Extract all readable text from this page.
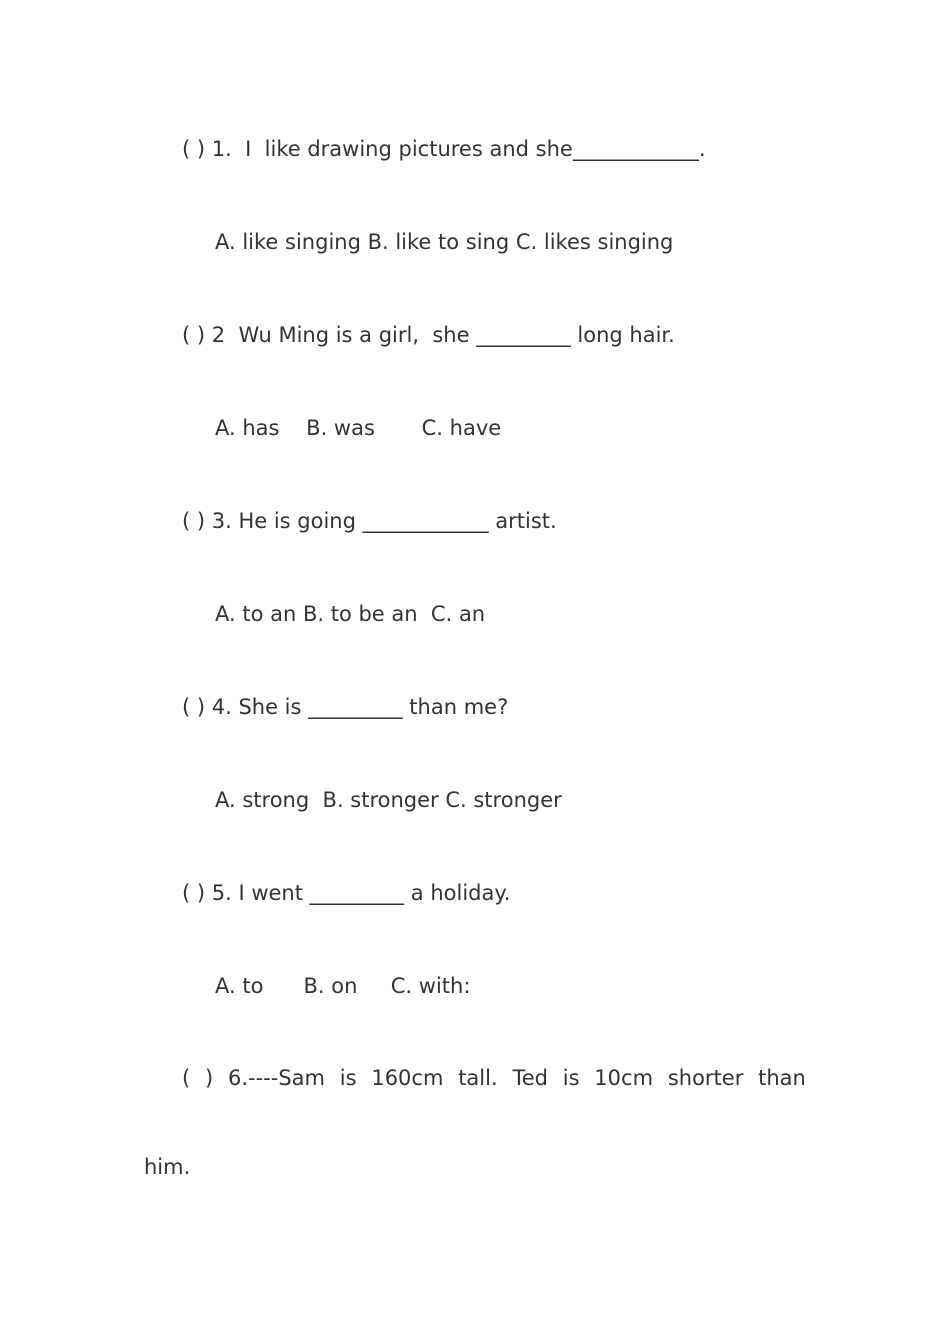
( ) 1.  I  like drawing pictures and she____________.
A. like singing B. like to sing C. likes singing
( ) 2  Wu Ming is a girl,  she _________ long hair.
A. has    B. was       C. have
( ) 3. He is going ____________ artist.
A. to an B. to be an  C. an
( ) 4. She is _________ than me?
A. strong  B. stronger C. stronger
( ) 5. I went _________ a holiday.
A. to      B. on     C. with:
( ) 6.----Sam is 160cm tall. Ted is 10cm shorter than
him.
